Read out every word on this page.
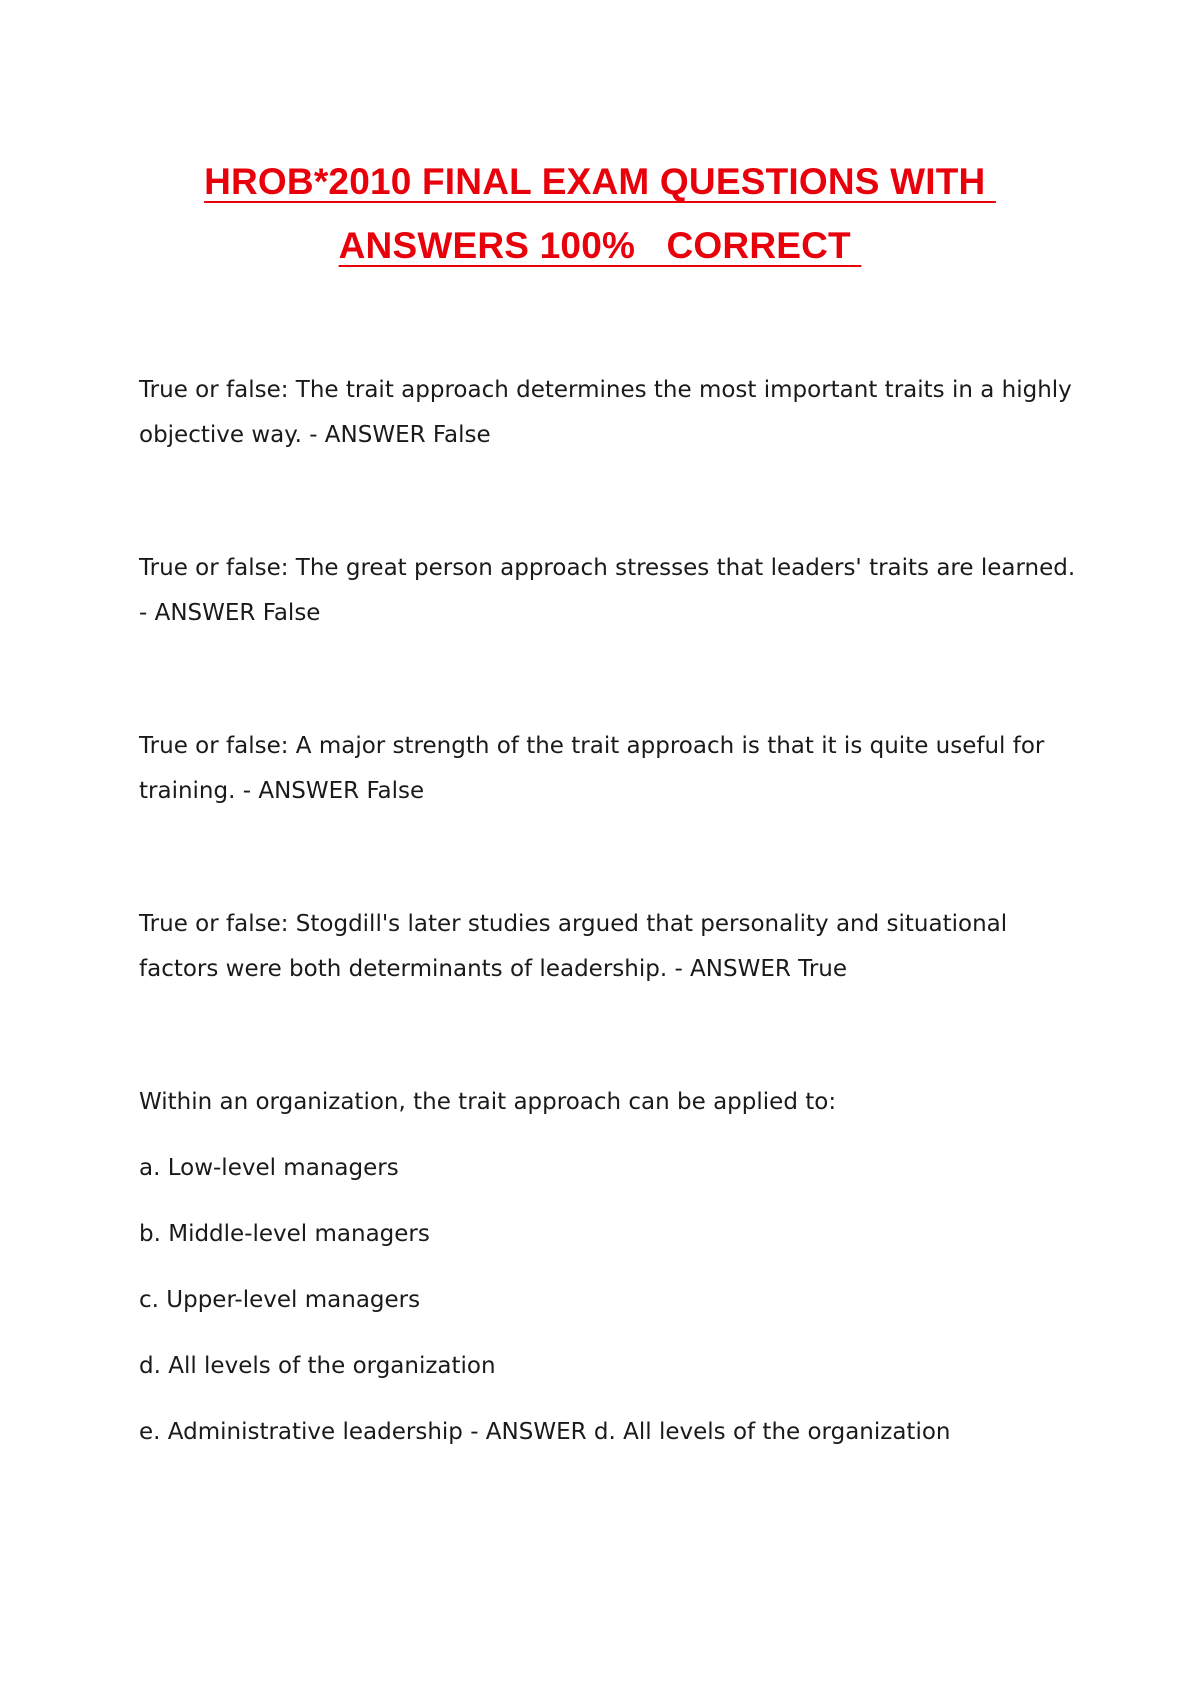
HROB*2010 FINAL EXAM QUESTIONS WITH
ANSWERS 100%   CORRECT

True or false: The trait approach determines the most important traits in a highly objective way. - ANSWER False

True or false: The great person approach stresses that leaders' traits are learned. - ANSWER False

True or false: A major strength of the trait approach is that it is quite useful for training. - ANSWER False

True or false: Stogdill's later studies argued that personality and situational factors were both determinants of leadership. - ANSWER True

Within an organization, the trait approach can be applied to:

a. Low-level managers

b. Middle-level managers

c. Upper-level managers

d. All levels of the organization

e. Administrative leadership - ANSWER d. All levels of the organization
